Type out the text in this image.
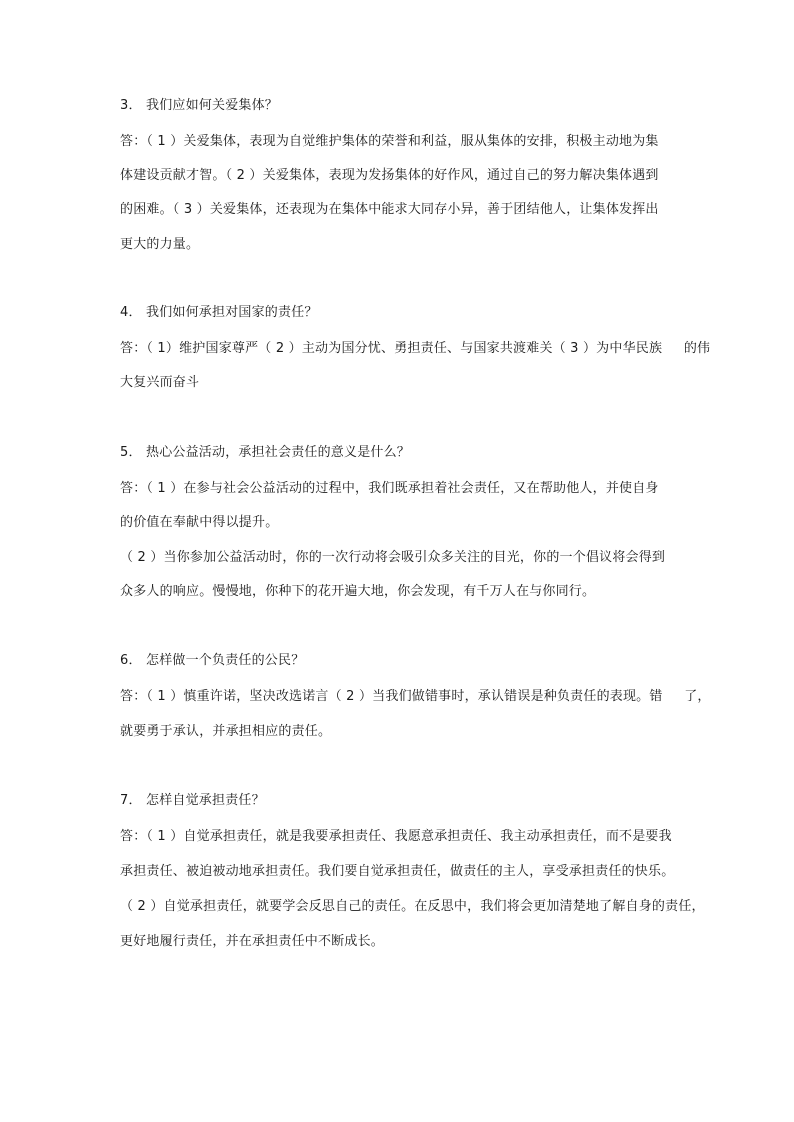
3． 我们应如何关爱集体？
答：（ 1 ）关爱集体，表现为自觉维护集体的荣誉和利益，服从集体的安排，积极主动地为集
体建设贡献才智。（ 2 ）关爱集体，表现为发扬集体的好作风，通过自己的努力解决集体遇到
的困难。（ 3 ）关爱集体，还表现为在集体中能求大同存小异，善于团结他人，让集体发挥出
更大的力量。
4． 我们如何承担对国家的责任？
答：（ 1）维护国家尊严（ 2 ）主动为国分忧、勇担责任、与国家共渡难关（ 3 ）为中华民族     的伟
大复兴而奋斗
5． 热心公益活动，承担社会责任的意义是什么？
答：（ 1 ）在参与社会公益活动的过程中，我们既承担着社会责任，又在帮助他人，并使自身
的价值在奉献中得以提升。
（ 2 ）当你参加公益活动时，你的一次行动将会吸引众多关注的目光，你的一个倡议将会得到
众多人的响应。慢慢地，你种下的花开遍大地，你会发现，有千万人在与你同行。
6． 怎样做一个负责任的公民？
答：（ 1 ）慎重许诺，坚决改选诺言（ 2 ）当我们做错事时，承认错误是种负责任的表现。错     了，
就要勇于承认，并承担相应的责任。
7． 怎样自觉承担责任？
答：（ 1 ）自觉承担责任，就是我要承担责任、我愿意承担责任、我主动承担责任，而不是要我
承担责任、被迫被动地承担责任。我们要自觉承担责任，做责任的主人，享受承担责任的快乐。
（ 2 ）自觉承担责任，就要学会反思自己的责任。在反思中，我们将会更加清楚地了解自身的责任，
更好地履行责任，并在承担责任中不断成长。
